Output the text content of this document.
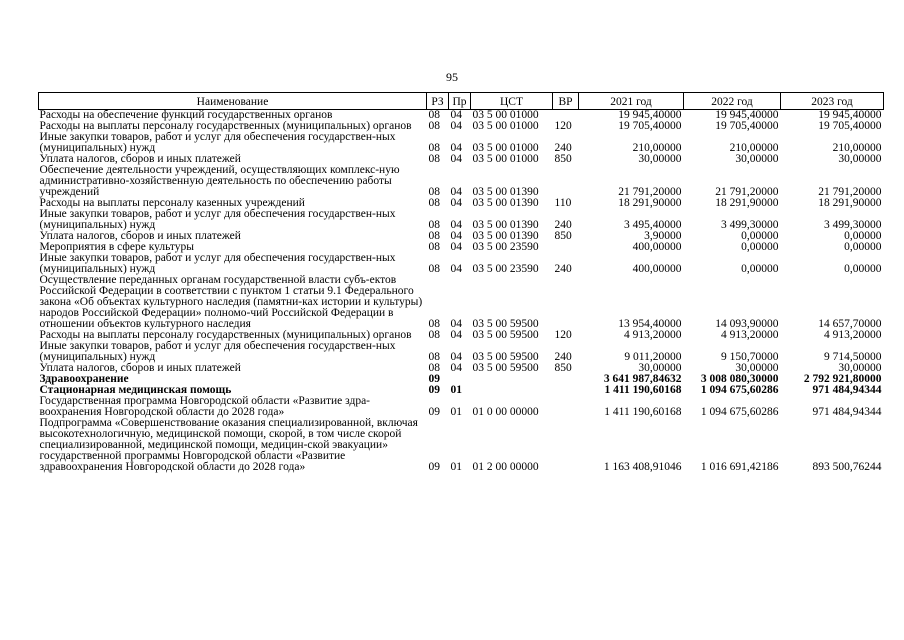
95
Наименование	РЗ	Пр	ЦСТ	ВР	2021 год	2022 год	2023 год
Расходы на обеспечение функций государственных органов	08	04	03 5 00 01000		19 945,40000	19 945,40000	19 945,40000
Расходы на выплаты персоналу государственных (муниципальных) органов	08	04	03 5 00 01000	120	19 705,40000	19 705,40000	19 705,40000
Иные закупки товаров, работ и услуг для обеспечения государствен-ных (муниципальных) нужд	08	04	03 5 00 01000	240	210,00000	210,00000	210,00000
Уплата налогов, сборов и иных платежей	08	04	03 5 00 01000	850	30,00000	30,00000	30,00000
Обеспечение деятельности учреждений, осуществляющих комплекс-ную административно-хозяйственную деятельность по обеспечению работы учреждений	08	04	03 5 00 01390		21 791,20000	21 791,20000	21 791,20000
Расходы на выплаты персоналу казенных учреждений	08	04	03 5 00 01390	110	18 291,90000	18 291,90000	18 291,90000
Иные закупки товаров, работ и услуг для обеспечения государствен-ных (муниципальных) нужд	08	04	03 5 00 01390	240	3 495,40000	3 499,30000	3 499,30000
Уплата налогов, сборов и иных платежей	08	04	03 5 00 01390	850	3,90000	0,00000	0,00000
Мероприятия в сфере культуры	08	04	03 5 00 23590		400,00000	0,00000	0,00000
Иные закупки товаров, работ и услуг для обеспечения государствен-ных (муниципальных) нужд	08	04	03 5 00 23590	240	400,00000	0,00000	0,00000
Осуществление переданных органам государственной власти субъ-ектов Российской Федерации в соответствии с пунктом 1 статьи 9.1 Федерального закона «Об объектах культурного наследия (памятни-ках истории и культуры) народов Российской Федерации» полномо-чий Российской Федерации в отношении объектов культурного наследия	08	04	03 5 00 59500		13 954,40000	14 093,90000	14 657,70000
Расходы на выплаты персоналу государственных (муниципальных) органов	08	04	03 5 00 59500	120	4 913,20000	4 913,20000	4 913,20000
Иные закупки товаров, работ и услуг для обеспечения государствен-ных (муниципальных) нужд	08	04	03 5 00 59500	240	9 011,20000	9 150,70000	9 714,50000
Уплата налогов, сборов и иных платежей	08	04	03 5 00 59500	850	30,00000	30,00000	30,00000
Здравоохранение	09				3 641 987,84632	3 008 080,30000	2 792 921,80000
Стационарная медицинская помощь	09	01			1 411 190,60168	1 094 675,60286	971 484,94344
Государственная программа Новгородской области «Развитие здра-воохранения Новгородской области до 2028 года»	09	01	01 0 00 00000		1 411 190,60168	1 094 675,60286	971 484,94344
Подпрограмма «Совершенствование оказания специализированной, включая высокотехнологичную, медицинской помощи, скорой, в том числе скорой специализированной, медицинской помощи, медицин-ской эвакуации» государственной программы Новгородской области «Развитие здравоохранения Новгородской области до 2028 года»	09	01	01 2 00 00000		1 163 408,91046	1 016 691,42186	893 500,76244
